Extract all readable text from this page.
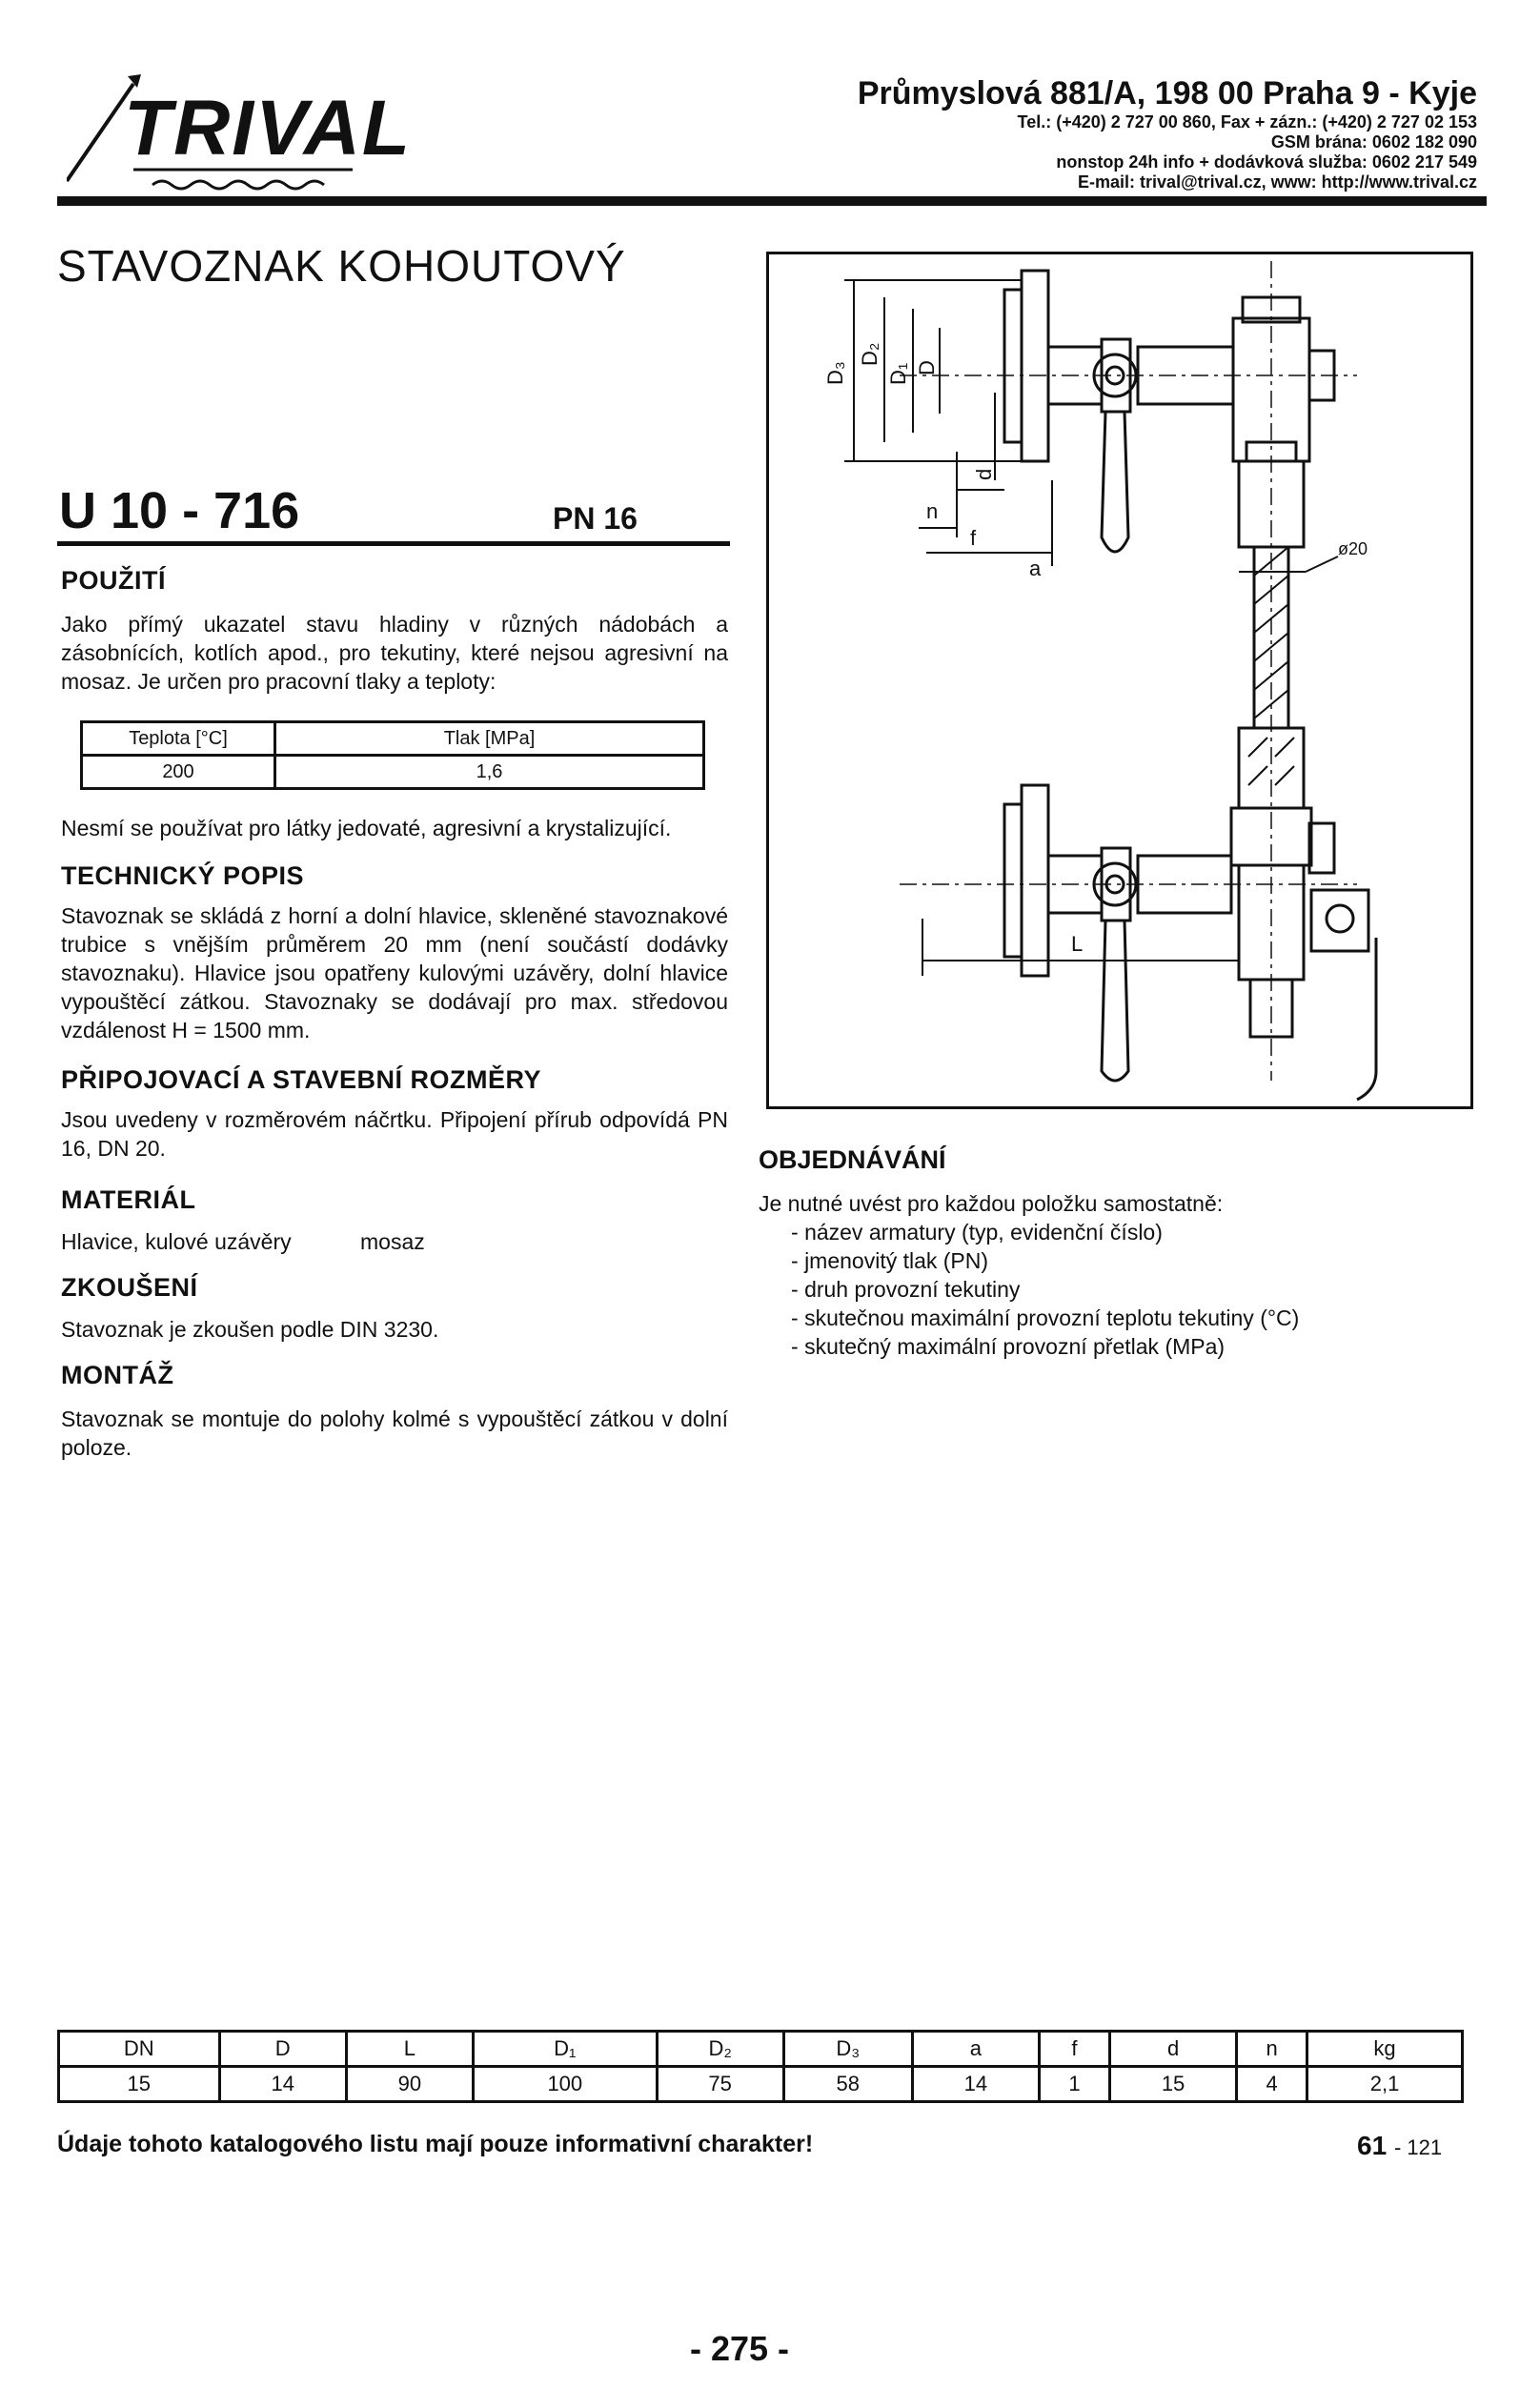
TRIVAL	Průmyslová 881/A, 198 00 Praha 9 - Kyje
Tel.: (+420) 2 727 00 860, Fax + zázn.: (+420) 2 727 02 153
GSM brána: 0602 182 090
nonstop 24h info + dodávková služba: 0602 217 549
E-mail: trival@trival.cz, www: http://www.trival.cz
STAVOZNAK KOHOUTOVÝ
U 10 - 716	PN 16
POUŽITÍ
Jako přímý ukazatel stavu hladiny v různých nádobách a zásobnících, kotlích apod., pro tekutiny, které nejsou agresivní na mosaz. Je určen pro pracovní tlaky a teploty:
Teplota [°C]	Tlak [MPa]
200	1,6
Nesmí se používat pro látky jedovaté, agresivní a krystalizující.
TECHNICKÝ POPIS
Stavoznak se skládá z horní a dolní hlavice, skleněné stavoznakové trubice s vnějším průměrem 20 mm (není součástí dodávky stavoznaku). Hlavice jsou opatřeny kulovými uzávěry, dolní hlavice vypouštěcí zátkou. Stavoznaky se dodávají pro max. středovou vzdálenost H = 1500 mm.
PŘIPOJOVACÍ A STAVEBNÍ ROZMĚRY
Jsou uvedeny v rozměrovém náčrtku. Připojení přírub odpovídá PN 16, DN 20.
MATERIÁL
Hlavice, kulové uzávěry	mosaz
ZKOUŠENÍ
Stavoznak je zkoušen podle DIN 3230.
MONTÁŽ
Stavoznak se montuje do polohy kolmé s vypouštěcí zátkou v dolní poloze.
D₃
D₂
D₁ D
n
d
f
a
ø20
L
OBJEDNÁVÁNÍ
Je nutné uvést pro každou položku samostatně:
- název armatury (typ, evidenční číslo)
- jmenovitý tlak (PN)
- druh provozní tekutiny
- skutečnou maximální provozní teplotu tekutiny (°C)
- skutečný maximální provozní přetlak (MPa)
DN	D	L	D₁	D₂	D₃	a	f	d	n	kg
15	14	90	100	75	58	14	1	15	4	2,1
Údaje tohoto katalogového listu mají pouze informativní charakter!	61 - 121
- 275 -
